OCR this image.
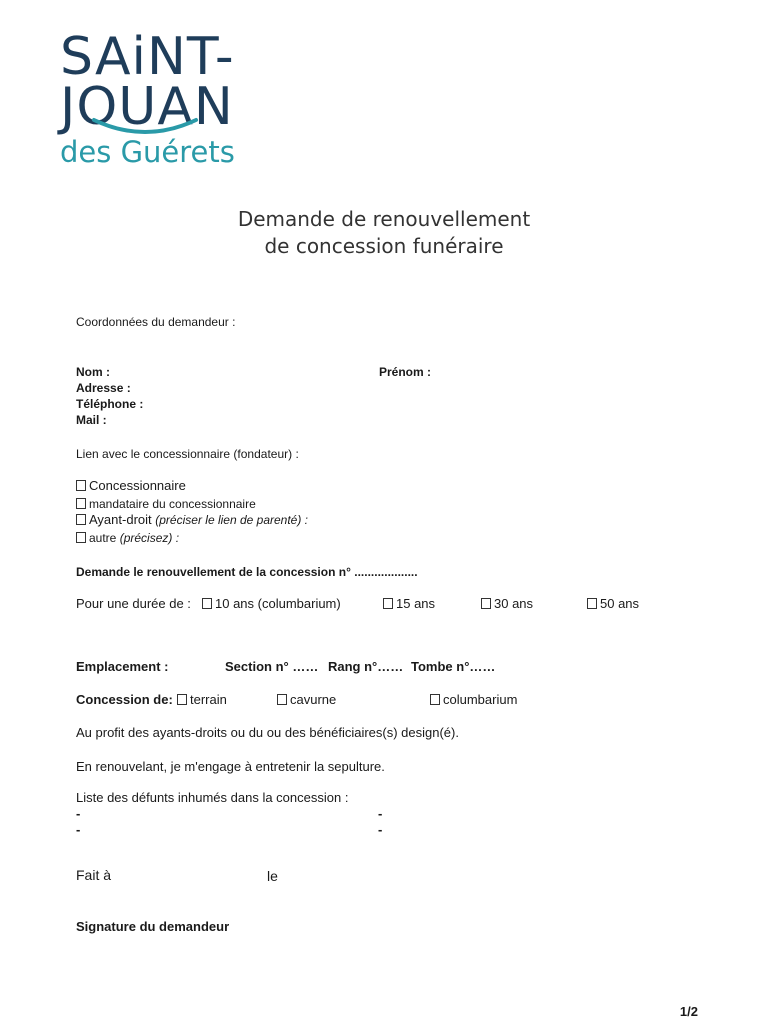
SAiNT-
JOUAN
des Guérets
Demande de renouvellement
de concession funéraire
Coordonnées du demandeur :
Nom :	Prénom :
Adresse :
Téléphone :
Mail :
Lien avec le concessionnaire (fondateur) :
Concessionnaire
mandataire du concessionnaire
Ayant-droit (préciser le lien de parenté) :
autre (précisez) :
Demande le renouvellement de la concession n° ...................
Pour une durée de :	10 ans (columbarium)	15 ans	30 ans	50 ans
Emplacement :	Section n° …… Rang n°…… Tombe n°……
Concession de:	terrain	cavurne	columbarium
Au profit des ayants-droits ou du ou des bénéficiaires(s) design(é).
En renouvelant, je m'engage à entretenir la sepulture.
Liste des défunts inhumés dans la concession :
-	-
-	-
Fait à	le
Signature du demandeur
1/2
